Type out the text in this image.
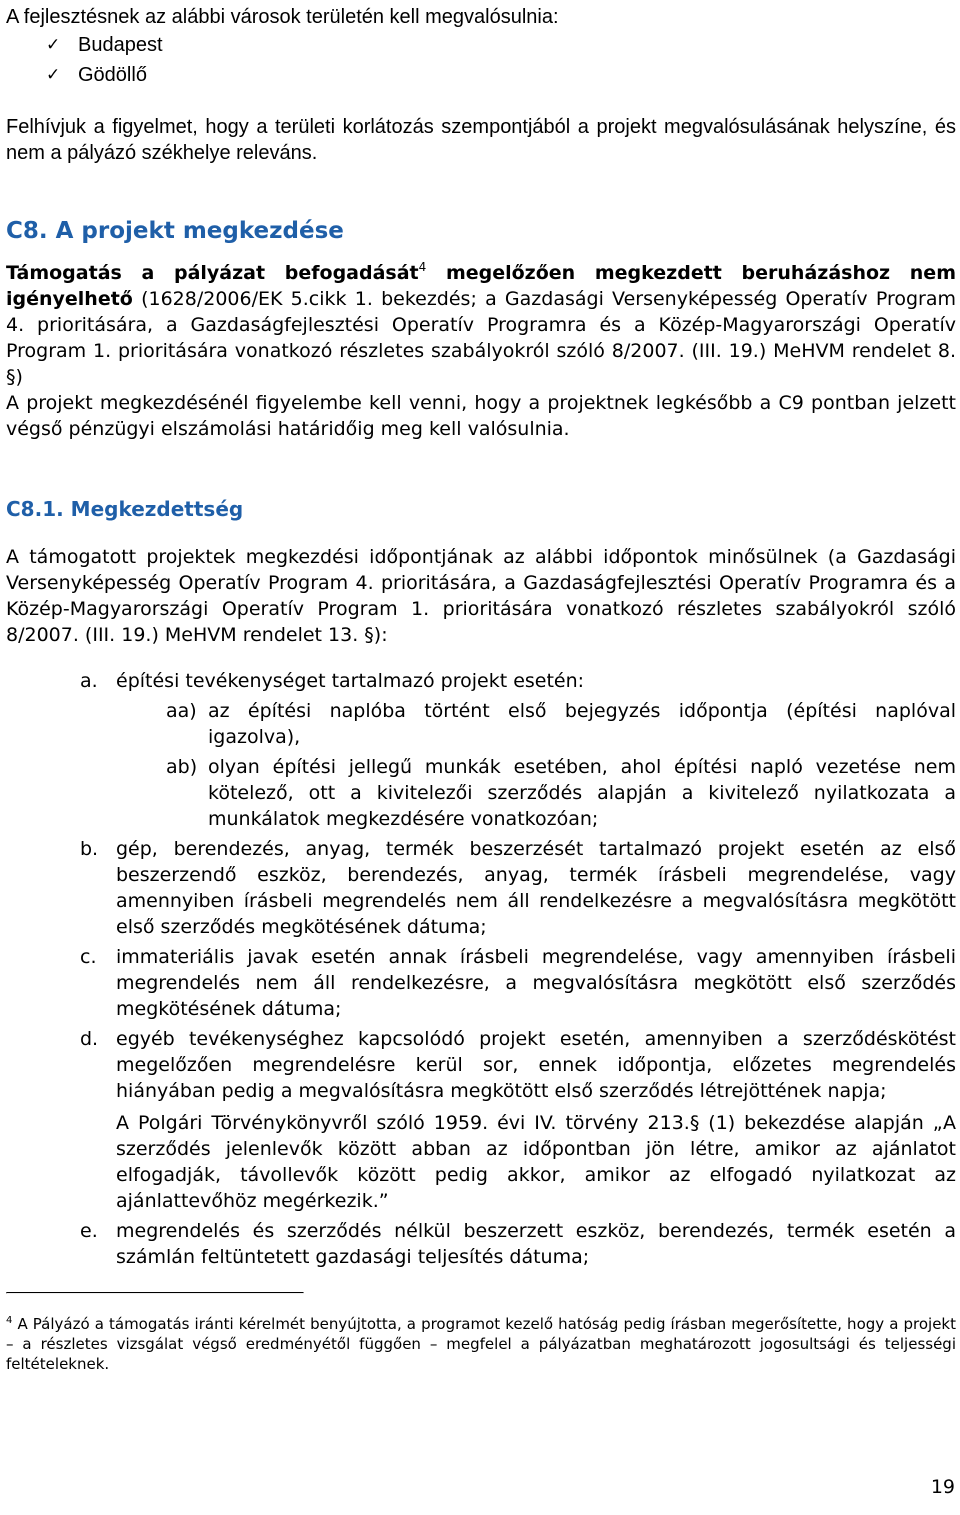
A fejlesztésnek az alábbi városok területén kell megvalósulnia:
✓ Budapest
✓ Gödöllő
Felhívjuk a figyelmet, hogy a területi korlátozás szempontjából a projekt megvalósulásának helyszíne, és nem a pályázó székhelye releváns.
C8. A projekt megkezdése
Támogatás a pályázat befogadását$^4$ megelőzően megkezdett beruházáshoz nem igényelhető (1628/2006/EK 5.cikk 1. bekezdés; a Gazdasági Versenyképesség Operatív Program 4. prioritására, a Gazdaságfejlesztési Operatív Programra és a Közép-Magyarországi Operatív Program 1. prioritására vonatkozó részletes szabályokról szóló 8/2007. (III. 19.) MeHVM rendelet 8. §)
A projekt megkezdésénél figyelembe kell venni, hogy a projektnek legkésőbb a C9 pontban jelzett végső pénzügyi elszámolási határidőig meg kell valósulnia.
C8.1. Megkezdettség
A támogatott projektek megkezdési időpontjának az alábbi időpontok minősülnek (a Gazdasági Versenyképesség Operatív Program 4. prioritására, a Gazdaságfejlesztési Operatív Programra és a Közép-Magyarországi Operatív Program 1. prioritására vonatkozó részletes szabályokról szóló 8/2007. (III. 19.) MeHVM rendelet 13. §):
a. építési tevékenységet tartalmazó projekt esetén:
aa) az építési naplóba történt első bejegyzés időpontja (építési naplóval igazolva),
ab) olyan építési jellegű munkák esetében, ahol építési napló vezetése nem kötelező, ott a kivitelezői szerződés alapján a kivitelező nyilatkozata a munkálatok megkezdésére vonatkozóan;
b. gép, berendezés, anyag, termék beszerzését tartalmazó projekt esetén az első beszerzendő eszköz, berendezés, anyag, termék írásbeli megrendelése, vagy amennyiben írásbeli megrendelés nem áll rendelkezésre a megvalósításra megkötött első szerződés megkötésének dátuma;
c.	immateriális javak esetén annak írásbeli megrendelése, vagy amennyiben írásbeli megrendelés nem áll rendelkezésre, a megvalósításra megkötött első szerződés megkötésének dátuma;
d. egyéb tevékenységhez kapcsolódó projekt esetén, amennyiben a szerződéskötést megelőzően megrendelésre kerül sor, ennek időpontja, előzetes megrendelés hiányában pedig a megvalósításra megkötött első szerződés létrejöttének napja;
A Polgári Törvénykönyvről szóló 1959. évi IV. törvény 213.§ (1) bekezdése alapján „A szerződés jelenlevők között abban az időpontban jön létre, amikor az ajánlatot elfogadják, távollevők között pedig akkor, amikor az elfogadó nyilatkozat az ajánlattevőhöz megérkezik.”
e. megrendelés és szerződés nélkül beszerzett eszköz, berendezés, termék esetén a számlán feltüntetett gazdasági teljesítés dátuma;
$^4$ A Pályázó a támogatás iránti kérelmét benyújtotta, a programot kezelő hatóság pedig írásban megerősítette, hogy a projekt – a részletes vizsgálat végső eredményétől függően – megfelel a pályázatban meghatározott jogosultsági és teljességi feltételeknek.
19
